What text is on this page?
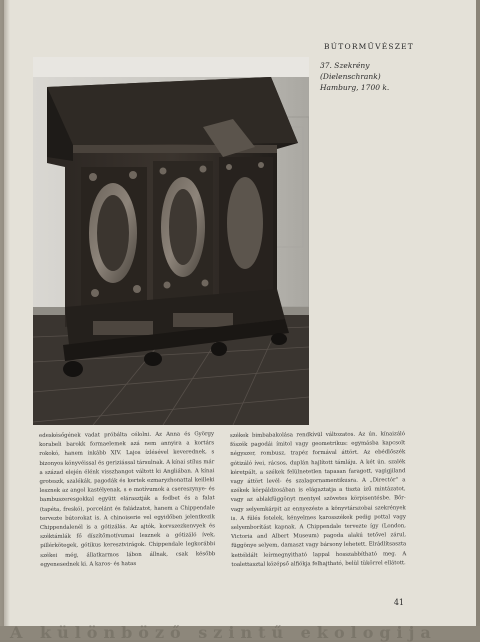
BÚTORMŰVÉSZET
37. Szekrény
(Dielenschrank)
Hamburg, 1700 k.

edeskésőgének vadat próbálta célolni. Az Anna és György korabeli barokk formaelemek azá nem annyira a kortárs rokokó, hanem inkább XIV. Lajos ízlésével keverednek, s bizonyos könyvéissal és geriziással társulnak. A kínai stílus már a század elején élénk visszhangot váltott ki Angliában. A kínai groteszk, szalékák, pagodák és kertek ezmaryzhonattal keilleki lesznek az angol kastélyenak, s e motívumok a csereszynye- és bambuszeresgokkal együtt elárasztják a fodbet és a falat (tapéta, freskó), porcelánt és faládzatot, hanem a Chippendale tervezte bútorokat is. A chinoiserie vel egyidőben jelentkezik Chippendalenél is a gótizálás. Az ajtók, korvszezkenvyek és széktámlák fő díszítőmotívumai lesznek a gótizáló ívek, pillérkötegek, gótikus keresztvirágok. Chippendale legkorábbi székei még, állatkarmos lábon állnak, csak később egyenesednek ki. A karos- és hatas

székek bimbabakolása rendkívül változatos. Az ún. kínaizáló fószék pagodái ímitol vagy geometrikus: egymásba kapcsolt négyszer, rombusz, trapéz formával áttört. Az ebédlőszék gótizáló ívei, rácsos, duplán hajlított támláju. A két ún. szalék kéretpált, a székek felülnetetlen tapasan faragott, vagigjiland vagy áttört levél- és szalagornamentikusra. A „Directór” a székek körpáldzosában is elágaztatja a tiszta ízű mintázatot, vagy az ablakfüggönyt mentyel szövetes körpisentésbe. Bőr- vagy selyemkárpit az ennyezéste a könyvtárszobai szekrények is. A fülés fotelek, kényelmes karosszékek pedig pottal vagy selyemborítást kapnak. A Chippendale tervezte így (London, Victoria and Albert Museum) pagoda alakú tetővel zárul, függönye selyem, damaszt vagy bársony lehetett. Elrádlítsaszta kettéldált leírmegnyitható lappal hosszabbítható meg. A toalettasztal középső alfiókja felhajtható, belül tükörrel ellátott.

41
A különböző szintű ekologija
